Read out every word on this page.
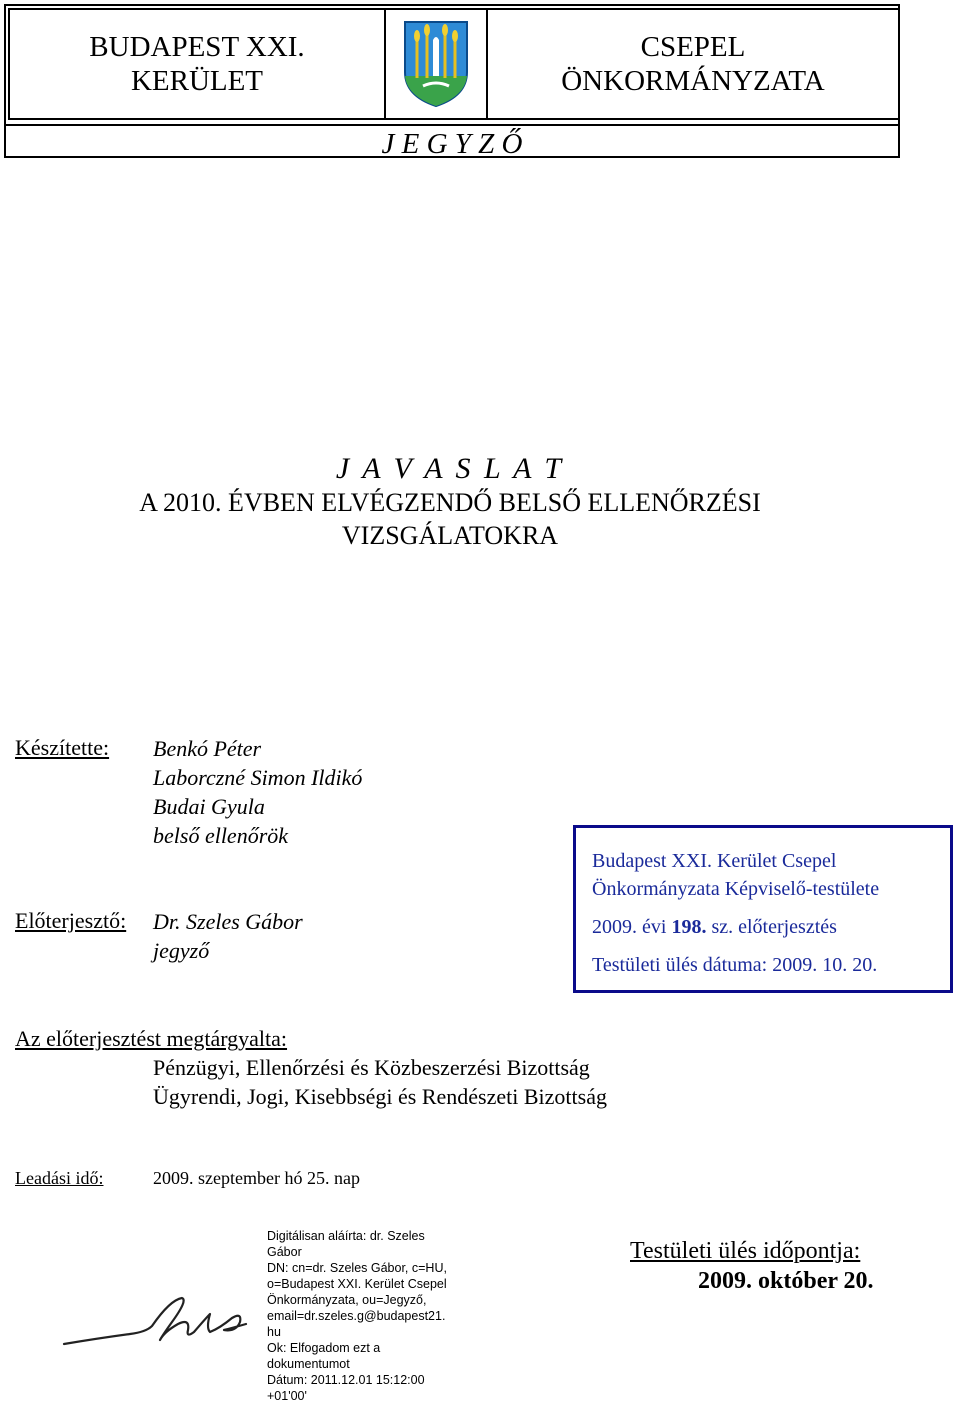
BUDAPEST XXI.
KERÜLET
CSEPEL
ÖNKORMÁNYZATA
J E G Y Z Ő
J A V A S L A T
A 2010. ÉVBEN ELVÉGZENDŐ BELSŐ ELLENŐRZÉSI
VIZSGÁLATOKRA
Készítette: Benkó Péter
Laborczné Simon Ildikó
Budai Gyula
belső ellenőrök
Előterjesztő: Dr. Szeles Gábor
jegyző
Budapest XXI. Kerület Csepel
Önkormányzata Képviselő-testülete
2009. évi 198. sz. előterjesztés
Testületi ülés dátuma: 2009. 10. 20.
Az előterjesztést megtárgyalta:
Pénzügyi, Ellenőrzési és Közbeszerzési Bizottság
Ügyrendi, Jogi, Kisebbségi és Rendészeti Bizottság
Leadási idő:	2009. szeptember hó 25. nap
Digitálisan aláírta: dr. Szeles
Gábor
DN: cn=dr. Szeles Gábor, c=HU,
o=Budapest XXI. Kerület Csepel
Önkormányzata, ou=Jegyző,
email=dr.szeles.g@budapest21.
hu
Ok: Elfogadom ezt a
dokumentumot
Dátum: 2011.12.01 15:12:00
+01'00'
Testületi ülés időpontja:
2009. október 20.
